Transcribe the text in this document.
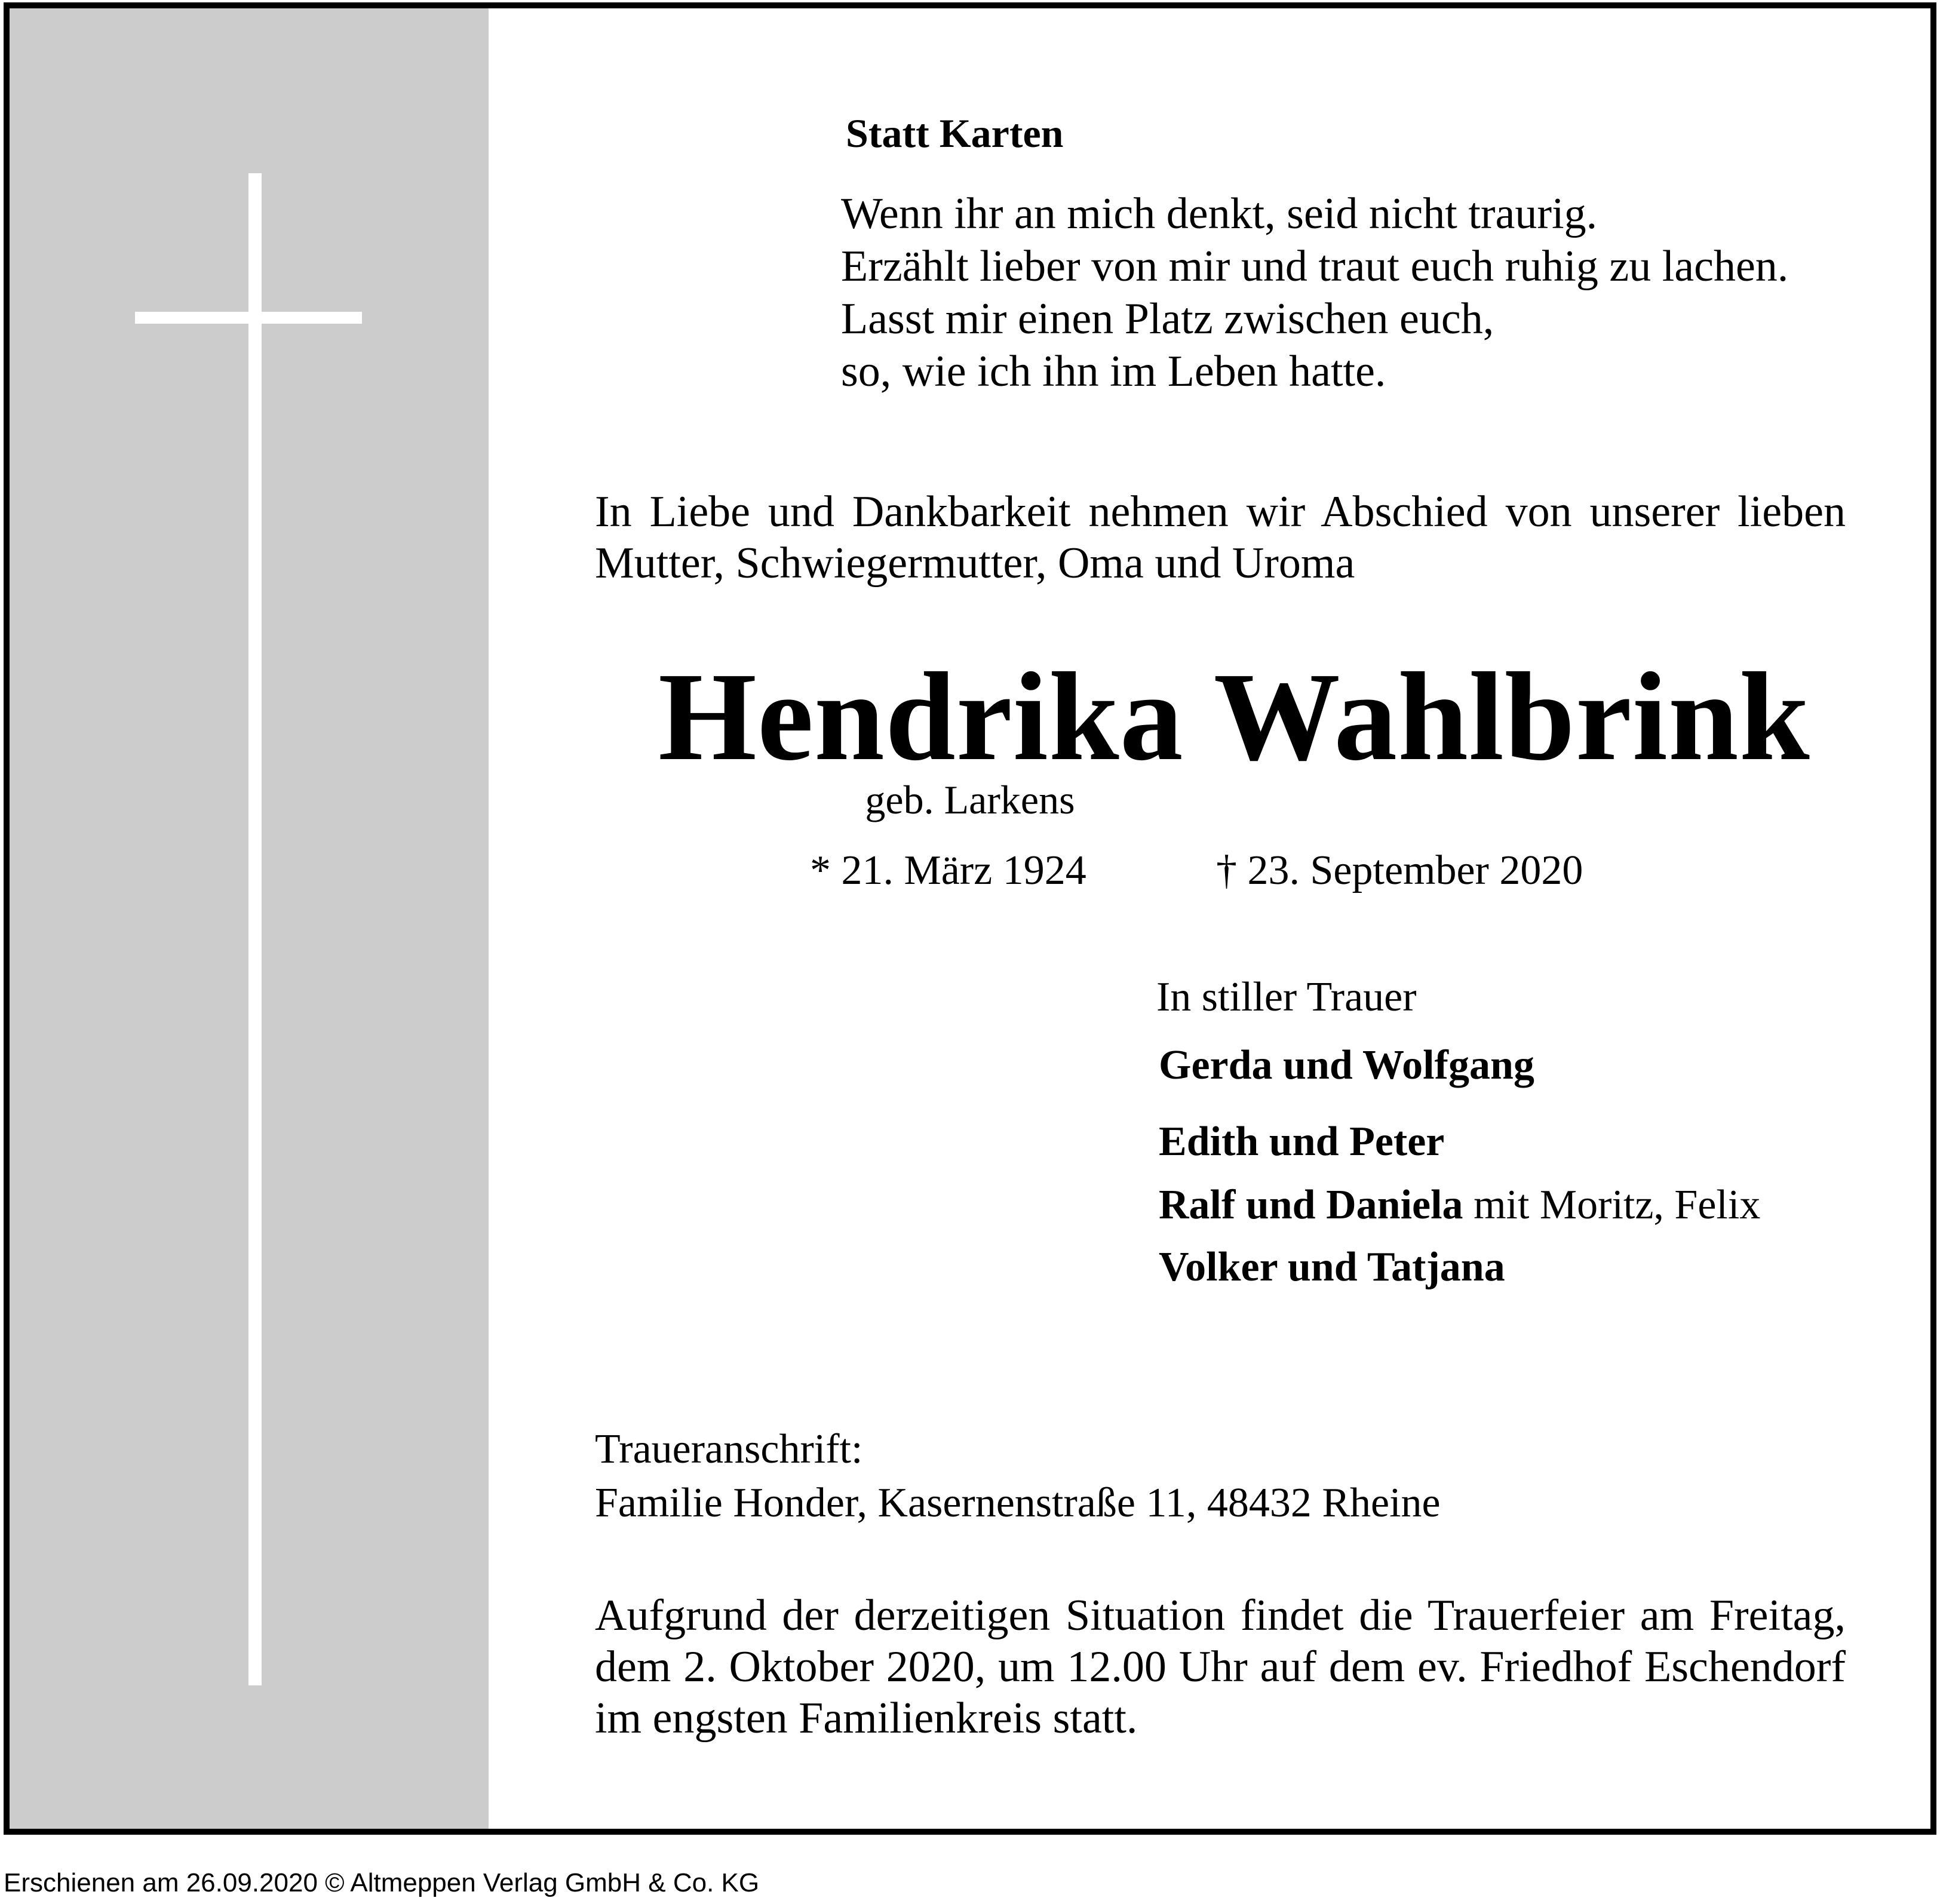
Statt Karten
Wenn ihr an mich denkt, seid nicht traurig.
Erzählt lieber von mir und traut euch ruhig zu lachen.
Lasst mir einen Platz zwischen euch,
so, wie ich ihn im Leben hatte.
In Liebe und Dankbarkeit nehmen wir Abschied von unserer lieben Mutter, Schwiegermutter, Oma und Uroma
Hendrika Wahlbrink
geb. Larkens
* 21. März 1924	† 23. September 2020
In stiller Trauer
Gerda und Wolfgang
Edith und Peter
Ralf und Daniela mit Moritz, Felix
Volker und Tatjana
Traueranschrift:
Familie Honder, Kasernenstraße 11, 48432 Rheine
Aufgrund der derzeitigen Situation findet die Trauerfeier am Freitag, dem 2. Oktober 2020, um 12.00 Uhr auf dem ev. Friedhof Eschendorf im engsten Familienkreis statt.
Erschienen am 26.09.2020 © Altmeppen Verlag GmbH & Co. KG
